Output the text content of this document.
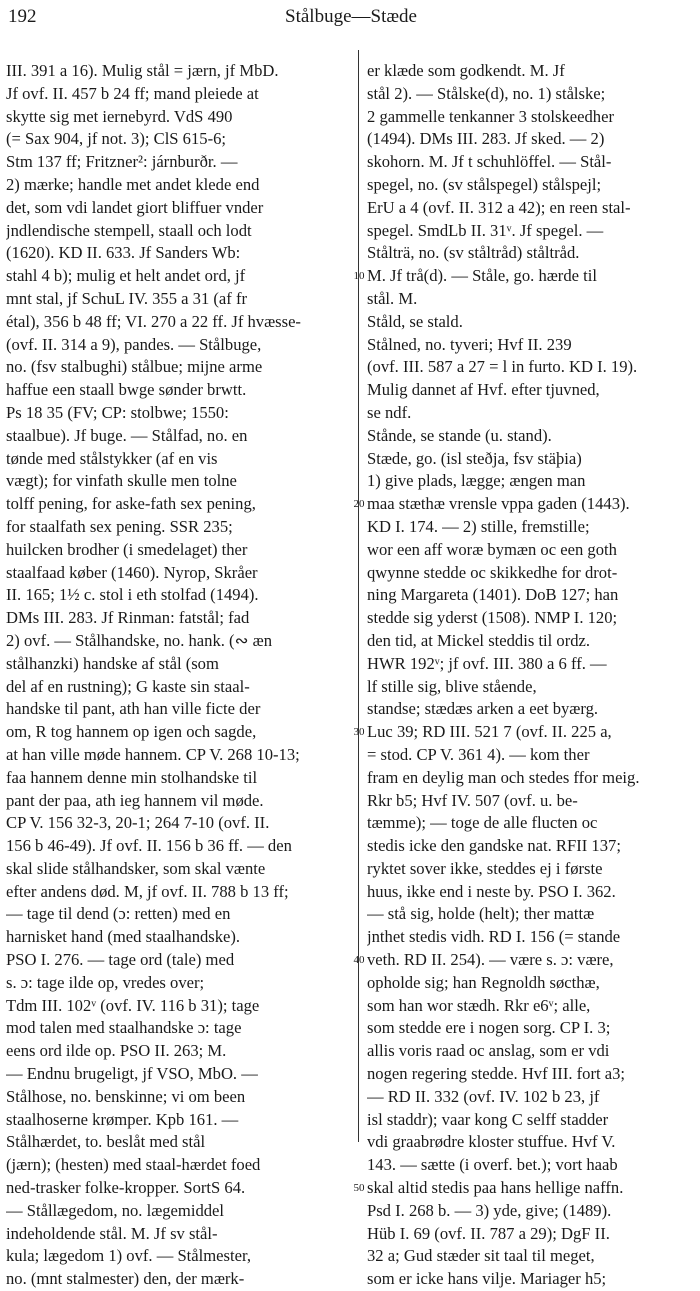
192	Stålbuge—Stæde
III. 391 a 16). Mulig stål = jærn, jf MbD.
Jf ovf. II. 457 b 24 ff; mand pleiede at
skytte sig met iernebyrd. VdS 490
(= Sax 904, jf not. 3); ClS 615-6;
Stm 137 ff; Fritzner²: járnburðr. —
2) mærke; handle met andet klede end
det, som vdi landet giort bliffuer vnder
jndlendische stempell, staall och lodt
(1620). KD II. 633. Jf Sanders Wb:
stahl 4 b); mulig et helt andet ord, jf
mnt stal, jf SchuL IV. 355 a 31 (af fr
étal), 356 b 48 ff; VI. 270 a 22 ff. Jf hvæsse-
(ovf. II. 314 a 9), pandes. — Stålbuge,
no. (fsv stalbughi) stålbue; mijne arme
haffue een staall bwge sønder brwtt.
Ps 18 35 (FV; CP: stolbwe; 1550:
staalbue). Jf buge. — Stålfad, no. en
tønde med stålstykker (af en vis
vægt); for vinfath skulle men tolne
tolff pening, for aske-fath sex pening,
for staalfath sex pening. SSR 235;
huilcken brodher (i smedelaget) ther
staalfaad køber (1460). Nyrop, Skråer
II. 165; 1½ c. stol i eth stolfad (1494).
DMs III. 283. Jf Rinman: fatstål; fad
2) ovf. — Stålhandske, no. hank. (∾ æn
stålhanzki) handske af stål (som
del af en rustning); G kaste sin staal-
handske til pant, ath han ville ficte der
om, R tog hannem op igen och sagde,
at han ville møde hannem. CP V. 268 10-13;
faa hannem denne min stolhandske til
pant der paa, ath ieg hannem vil møde.
CP V. 156 32-3, 20-1; 264 7-10 (ovf. II.
156 b 46-49). Jf ovf. II. 156 b 36 ff. — den
skal slide stålhandsker, som skal vænte
efter andens død. M, jf ovf. II. 788 b 13 ff;
— tage til dend (ɔ: retten) med en
harnisket hand (med staalhandske).
PSO I. 276. — tage ord (tale) med
s. ɔ: tage ilde op, vredes over;
Tdm III. 102ᵛ (ovf. IV. 116 b 31); tage
mod talen med staalhandske ɔ: tage
eens ord ilde op. PSO II. 263; M.
— Endnu brugeligt, jf VSO, MbO. —
Stålhose, no. benskinne; vi om been
staalhoserne krømper. Kpb 161. —
Stålhærdet, to. beslåt med stål
(jærn); (hesten) med staal-hærdet foed
ned-trasker folke-kropper. SortS 64.
— Stållægedom, no. lægemiddel
indeholdende stål. M. Jf sv stål-
kula; lægedom 1) ovf. — Stålmester,
no. (mnt stalmester) den, der mærk-
er klæde som godkendt. M. Jf
stål 2). — Stålske(d), no. 1) stålske;
2 gammelle tenkanner 3 stolskeedher
(1494). DMs III. 283. Jf sked. — 2)
skohorn. M. Jf t schuhlöffel. — Stål-
spegel, no. (sv stålspegel) stålspejl;
ErU a 4 (ovf. II. 312 a 42); en reen stal-
spegel. SmdLb II. 31ᵛ. Jf spegel. —
Stålträ, no. (sv ståltråd) ståltråd.
M. Jf trå(d). — Ståle, go. hærde til
stål. M.
Ståld, se stald.
Stålned, no. tyveri; Hvf II. 239
(ovf. III. 587 a 27 = l in furto. KD I. 19).
Mulig dannet af Hvf. efter tjuvned,
se ndf.
Stånde, se stande (u. stand).
Stæde, go. (isl steðja, fsv stäþia)
1) give plads, lægge; ængen man
maa stæthæ vrensle vppa gaden (1443).
KD I. 174. — 2) stille, fremstille;
wor een aff woræ bymæn oc een goth
qwynne stedde oc skikkedhe for drot-
ning Margareta (1401). DoB 127; han
stedde sig yderst (1508). NMP I. 120;
den tid, at Mickel steddis til ordz.
HWR 192ᵛ; jf ovf. III. 380 a 6 ff. —
lf stille sig, blive stående,
standse; stædæs arken a eet byærg.
Luc 39; RD III. 521 7 (ovf. II. 225 a,
= stod. CP V. 361 4). — kom ther
fram en deylig man och stedes ffor meig.
Rkr b5; Hvf IV. 507 (ovf. u. be-
tæmme); — toge de alle flucten oc
stedis icke den gandske nat. RFII 137;
ryktet sover ikke, steddes ej i første
huus, ikke end i neste by. PSO I. 362.
— stå sig, holde (helt); ther mattæ
jnthet stedis vidh. RD I. 156 (= stande
veth. RD II. 254). — være s. ɔ: være,
opholde sig; han Regnoldh søcthæ,
som han wor stædh. Rkr e6ᵛ; alle,
som stedde ere i nogen sorg. CP I. 3;
allis voris raad oc anslag, som er vdi
nogen regering stedde. Hvf III. fort a3;
— RD II. 332 (ovf. IV. 102 b 23, jf
isl staddr); vaar kong C selff stadder
vdi graabrødre kloster stuffue. Hvf V.
143. — sætte (i overf. bet.); vort haab
skal altid stedis paa hans hellige naffn.
Psd I. 268 b. — 3) yde, give; (1489).
Hüb I. 69 (ovf. II. 787 a 29); DgF II.
32 a; Gud stæder sit taal til meget,
som er icke hans vilje. Mariager h5;
10
20
30
40
50
